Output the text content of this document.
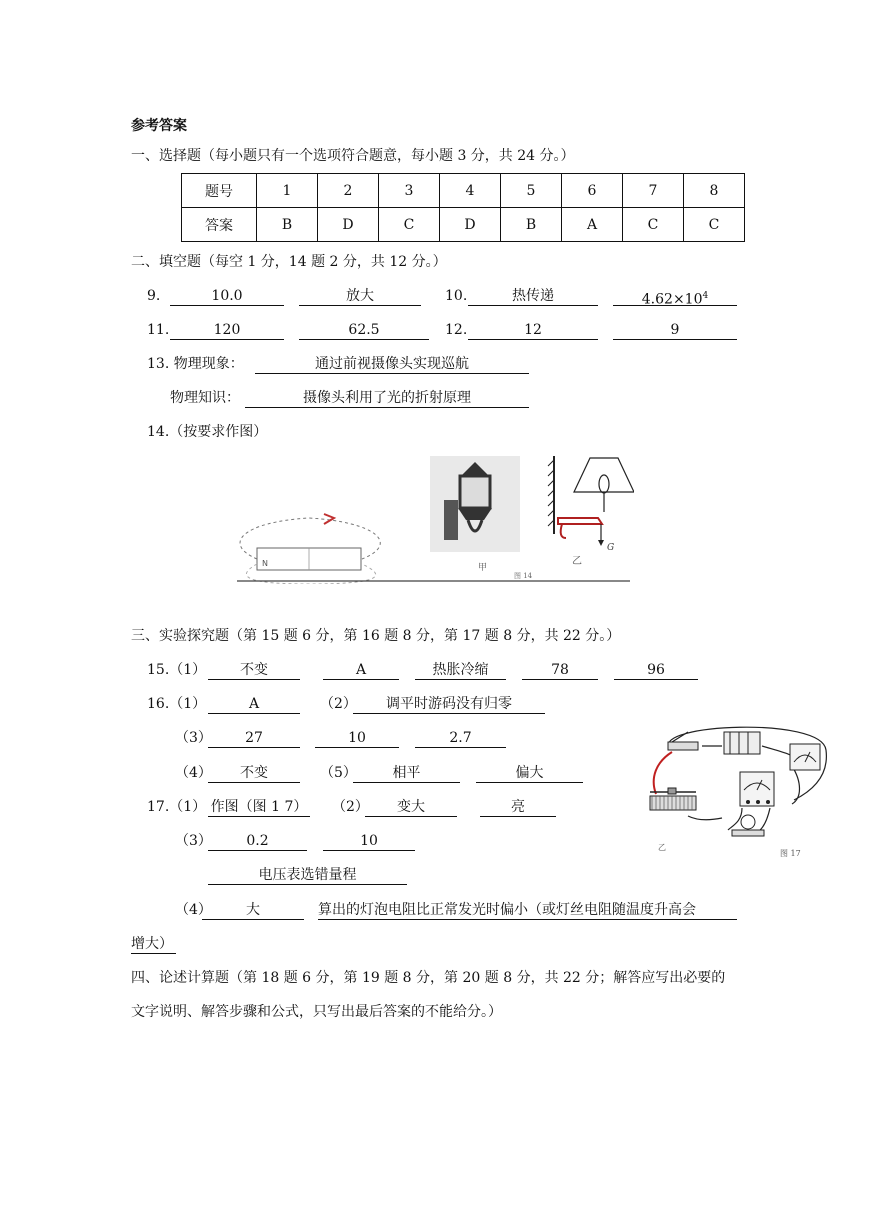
参考答案
一、选择题（每小题只有一个选项符合题意，每小题 3 分，共 24 分。）
题号	1	2	3	4	5	6	7	8
答案	B	D	C	D	B	A	C	C
二、填空题（每空 1 分，14 题 2 分，共 12 分。）
9.	10.0	放大	10.	热传递	$4.62\times 10^4$
11.	120	62.5	12.	12	9
13. 物理现象：	通过前视摄像头实现巡航
物理知识：	摄像头利用了光的折射原理
14.（按要求作图）
N	甲
G
乙
图 14
三、实验探究题（第 15 题 6 分，第 16 题 8 分，第 17 题 8 分，共 22 分。）
15.（1）	不变	A	热胀冷缩	78	96
16.（1）	A	（2）	调平时游码没有归零
（3）	27	10	2.7
（4）	不变	（5）	相平	偏大
17.（1） 作图（图 1 7） （2）	变大	亮
（3）	0.2	10
电压表选错量程
（4）	大	算出的灯泡电阻比正常发光时偏小（或灯丝电阻随温度升高会
增大）
乙
图 17
四、论述计算题（第 18 题 6 分，第 19 题 8 分，第 20 题 8 分，共 22 分；解答应写出必要的
文字说明、解答步骤和公式，只写出最后答案的不能给分。）
